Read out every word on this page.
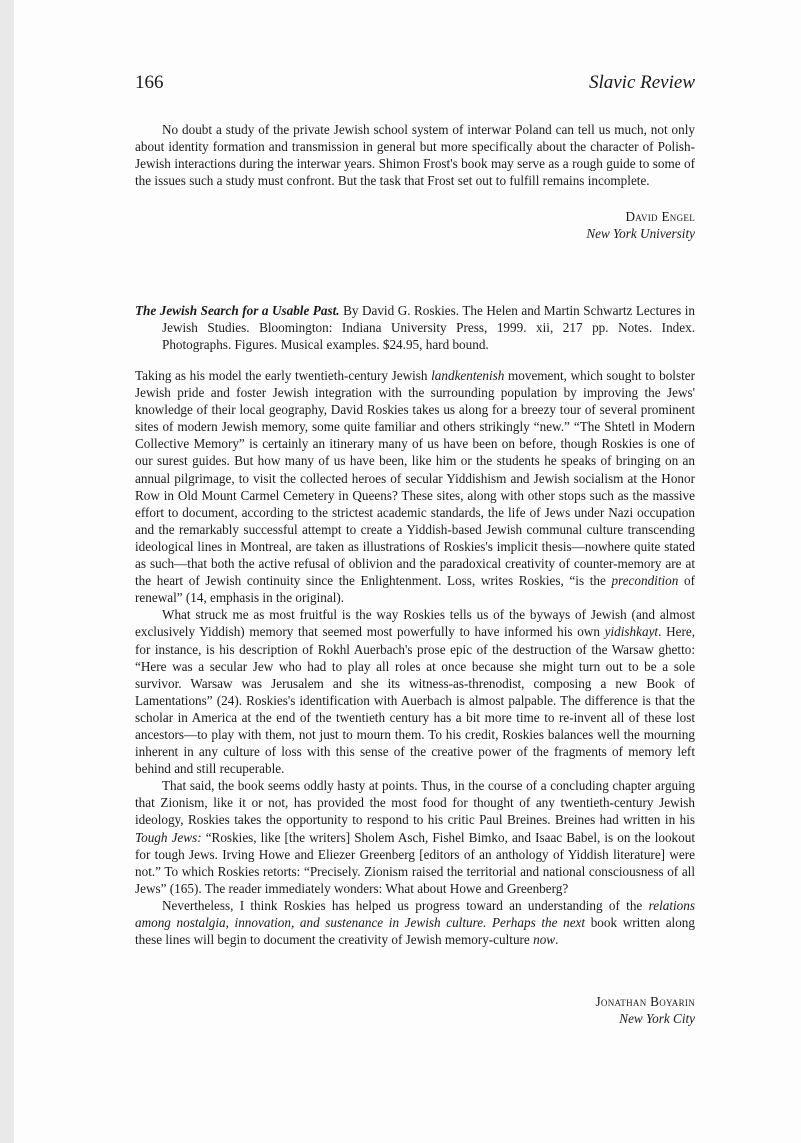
166	Slavic Review

No doubt a study of the private Jewish school system of interwar Poland can tell us much, not only about identity formation and transmission in general but more specifically about the character of Polish-Jewish interactions during the interwar years. Shimon Frost's book may serve as a rough guide to some of the issues such a study must confront. But the task that Frost set out to fulfill remains incomplete.

David Engel
New York University
The Jewish Search for a Usable Past. By David G. Roskies. The Helen and Martin Schwartz Lectures in Jewish Studies. Bloomington: Indiana University Press, 1999. xii, 217 pp. Notes. Index. Photographs. Figures. Musical examples. $24.95, hard bound.

Taking as his model the early twentieth-century Jewish landkentenish movement, which sought to bolster Jewish pride and foster Jewish integration with the surrounding population by improving the Jews' knowledge of their local geography, David Roskies takes us along for a breezy tour of several prominent sites of modern Jewish memory, some quite familiar and others strikingly “new.” “The Shtetl in Modern Collective Memory” is certainly an itinerary many of us have been on before, though Roskies is one of our surest guides. But how many of us have been, like him or the students he speaks of bringing on an annual pilgrimage, to visit the collected heroes of secular Yiddishism and Jewish socialism at the Honor Row in Old Mount Carmel Cemetery in Queens? These sites, along with other stops such as the massive effort to document, according to the strictest academic standards, the life of Jews under Nazi occupation and the remarkably successful attempt to create a Yiddish-based Jewish communal culture transcending ideological lines in Montreal, are taken as illustrations of Roskies's implicit thesis—nowhere quite stated as such—that both the active refusal of oblivion and the paradoxical creativity of counter-memory are at the heart of Jewish continuity since the Enlightenment. Loss, writes Roskies, “is the precondition of renewal” (14, emphasis in the original).

What struck me as most fruitful is the way Roskies tells us of the byways of Jewish (and almost exclusively Yiddish) memory that seemed most powerfully to have informed his own yidishkayt. Here, for instance, is his description of Rokhl Auerbach's prose epic of the destruction of the Warsaw ghetto: “Here was a secular Jew who had to play all roles at once because she might turn out to be a sole survivor. Warsaw was Jerusalem and she its witness-as-threnodist, composing a new Book of Lamentations” (24). Roskies's identification with Auerbach is almost palpable. The difference is that the scholar in America at the end of the twentieth century has a bit more time to re-invent all of these lost ancestors—to play with them, not just to mourn them. To his credit, Roskies balances well the mourning inherent in any culture of loss with this sense of the creative power of the fragments of memory left behind and still recuperable.

That said, the book seems oddly hasty at points. Thus, in the course of a concluding chapter arguing that Zionism, like it or not, has provided the most food for thought of any twentieth-century Jewish ideology, Roskies takes the opportunity to respond to his critic Paul Breines. Breines had written in his Tough Jews: “Roskies, like [the writers] Sholem Asch, Fishel Bimko, and Isaac Babel, is on the lookout for tough Jews. Irving Howe and Eliezer Greenberg [editors of an anthology of Yiddish literature] were not.” To which Roskies retorts: “Precisely. Zionism raised the territorial and national consciousness of all Jews” (165). The reader immediately wonders: What about Howe and Greenberg?

Nevertheless, I think Roskies has helped us progress toward an understanding of the relations among nostalgia, innovation, and sustenance in Jewish culture. Perhaps the next book written along these lines will begin to document the creativity of Jewish memory-culture now.

Jonathan Boyarin
New York City
